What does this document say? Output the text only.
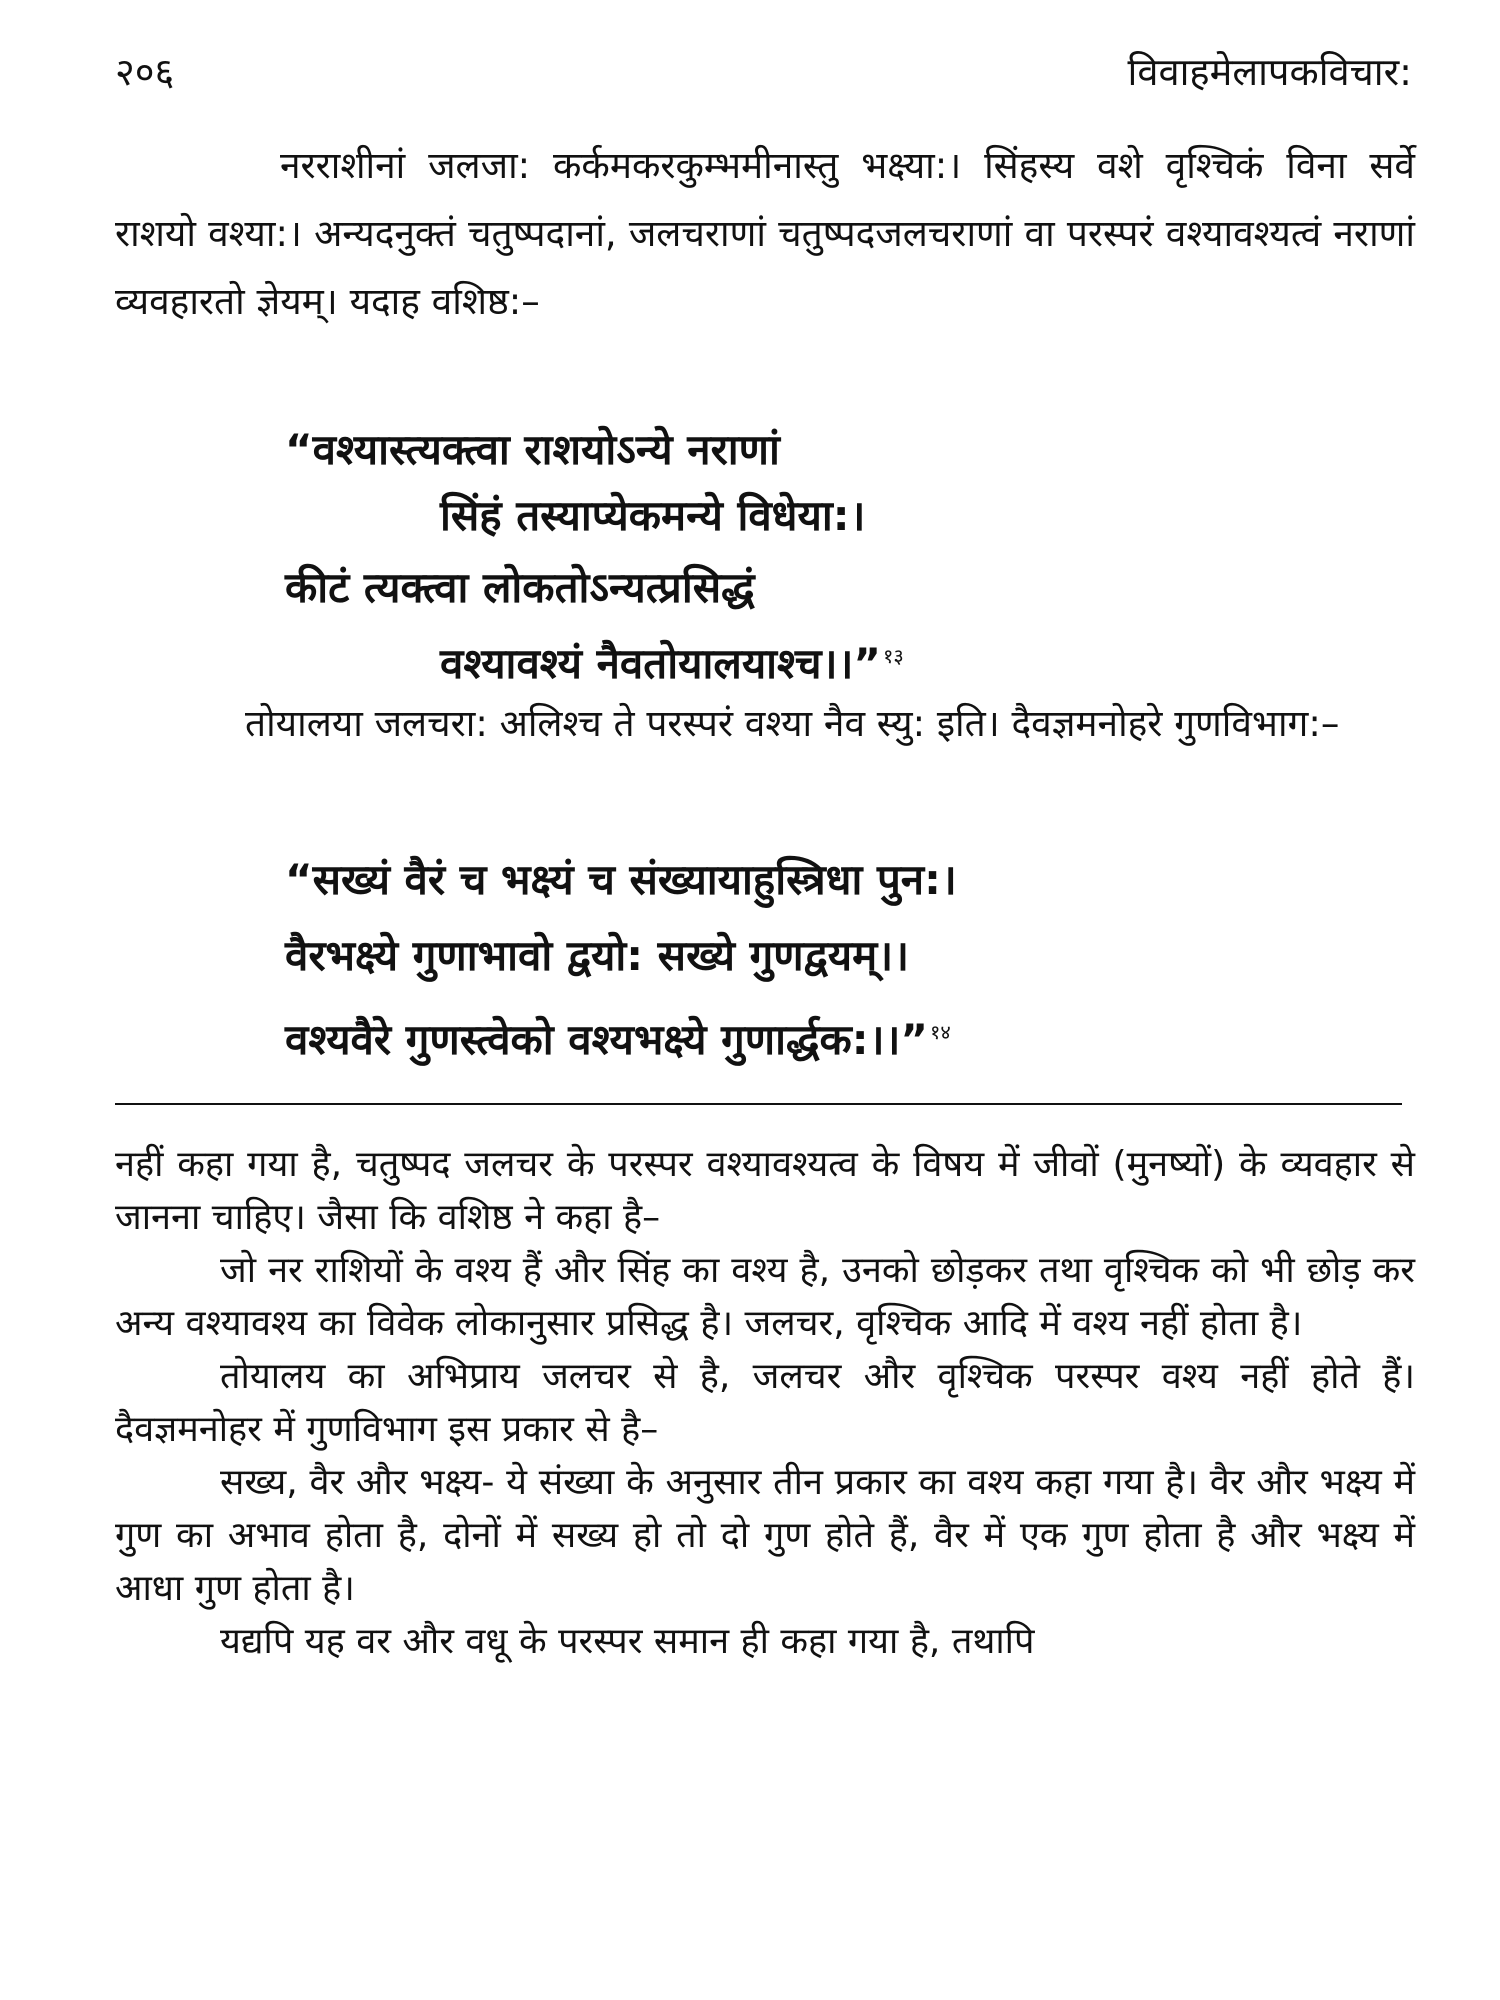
२०६	विवाहमेलापकविचार:
नरराशीनां जलजा: कर्कमकरकुम्भमीनास्तु भक्ष्या:। सिंहस्य वशे वृश्चिकं विना सर्वे राशयो वश्या:। अन्यदनुक्तं चतुष्पदानां, जलचराणां चतुष्पदजलचराणां वा परस्परं वश्यावश्यत्वं नराणां व्यवहारतो ज्ञेयम्। यदाह वशिष्ठ:–
“वश्यास्त्यक्त्वा राशयोऽन्ये नराणां
सिंहं तस्याप्येकमन्ये विधेया:।
कीटं त्यक्त्वा लोकतोऽन्यत्प्रसिद्धं
वश्यावश्यं नैवतोयालयाश्च।।” $^{१३}$
तोयालया जलचरा: अलिश्च ते परस्परं वश्या नैव स्यु: इति। दैवज्ञमनोहरे गुणविभाग:–
“सख्यं वैरं च भक्ष्यं च संख्यायाहुस्त्रिधा पुन:।
वैरभक्ष्ये गुणाभावो द्वयो: सख्ये गुणद्वयम्।।
वश्यवैरे गुणस्त्वेको वश्यभक्ष्ये गुणार्द्धक:।।” $^{१४}$

नहीं कहा गया है, चतुष्पद जलचर के परस्पर वश्यावश्यत्व के विषय में जीवों (मुनष्यों) के व्यवहार से जानना चाहिए। जैसा कि वशिष्ठ ने कहा है–

जो नर राशियों के वश्य हैं और सिंह का वश्य है, उनको छोड़कर तथा वृश्चिक को भी छोड़ कर अन्य वश्यावश्य का विवेक लोकानुसार प्रसिद्ध है। जलचर, वृश्चिक आदि में वश्य नहीं होता है।

तोयालय का अभिप्राय जलचर से है, जलचर और वृश्चिक परस्पर वश्य नहीं होते हैं। दैवज्ञमनोहर में गुणविभाग इस प्रकार से है–

सख्य, वैर और भक्ष्य- ये संख्या के अनुसार तीन प्रकार का वश्य कहा गया है। वैर और भक्ष्य में गुण का अभाव होता है, दोनों में सख्य हो तो दो गुण होते हैं, वैर में एक गुण होता है और भक्ष्य में आधा गुण होता है।

यद्यपि यह वर और वधू के परस्पर समान ही कहा गया है, तथापि
